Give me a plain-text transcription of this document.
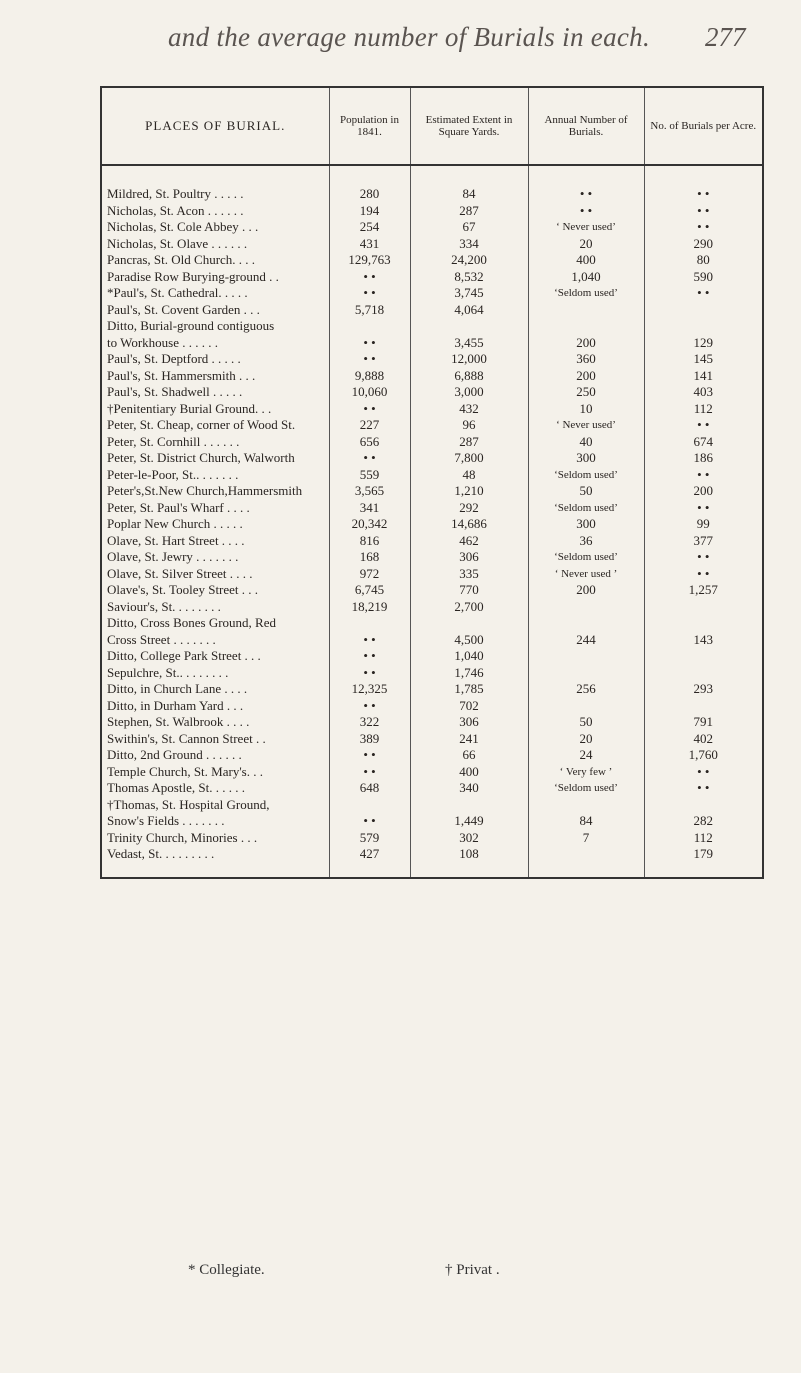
and the average number of Burials in each. 277
PLACES OF BURIAL.	Population in 1841.	Estimated Extent in Square Yards.	Annual Number of Burials.	No. of Burials per Acre.
Mildred, St. Poultry . . . . .	280	84	• •	• •
Nicholas, St. Acon . . . . . .	194	287	• •	• •
Nicholas, St. Cole Abbey . . .	254	67	‘ Never used’	• •
Nicholas, St. Olave . . . . . .	431	334	20	290
Pancras, St. Old Church. . . .	129,763	24,200	400	80
Paradise Row Burying-ground . .	• •	8,532	1,040	590
*Paul's, St. Cathedral. . . . .	• •	3,745	‘Seldom used’	• •
Paul's, St. Covent Garden . . .	5,718	4,064		
Ditto, Burial-ground contiguous				
to Workhouse . . . . . .	• •	3,455	200	129
Paul's, St. Deptford . . . . .	• •	12,000	360	145
Paul's, St. Hammersmith . . .	9,888	6,888	200	141
Paul's, St. Shadwell . . . . .	10,060	3,000	250	403
†Penitentiary Burial Ground. . .	• •	432	10	112
Peter, St. Cheap, corner of Wood St.	227	96	‘ Never used’	• •
Peter, St. Cornhill . . . . . .	656	287	40	674
Peter, St. District Church, Walworth	• •	7,800	300	186
Peter-le-Poor, St.. . . . . . .	559	48	‘Seldom used’	• •
Peter's,St.New Church,Hammersmith	3,565	1,210	50	200
Peter, St. Paul's Wharf . . . .	341	292	‘Seldom used’	• •
Poplar New Church . . . . .	20,342	14,686	300	99
Olave, St. Hart Street . . . .	816	462	36	377
Olave, St. Jewry . . . . . . .	168	306	‘Seldom used’	• •
Olave, St. Silver Street . . . .	972	335	‘ Never used ’	• •
Olave's, St. Tooley Street . . .	6,745	770	200	1,257
Saviour's, St. . . . . . . .	18,219	2,700		
Ditto, Cross Bones Ground, Red				
Cross Street . . . . . . .	• •	4,500	244	143
Ditto, College Park Street . . .	• •	1,040		
Sepulchre, St.. . . . . . . .	• •	1,746		
Ditto, in Church Lane . . . .	12,325	1,785	256	293
Ditto, in Durham Yard . . .	• •	702		
Stephen, St. Walbrook . . . .	322	306	50	791
Swithin's, St. Cannon Street . .	389	241	20	402
Ditto, 2nd Ground . . . . . .	• •	66	24	1,760
Temple Church, St. Mary's. . .	• •	400	‘ Very few ’	• •
Thomas Apostle, St. . . . . .	648	340	‘Seldom used’	• •
†Thomas, St. Hospital Ground,				
Snow's Fields . . . . . . .	• •	1,449	84	282
Trinity Church, Minories . . .	579	302	7	112
Vedast, St. . . . . . . . .	427	108		179
* Collegiate.	† Privat .
